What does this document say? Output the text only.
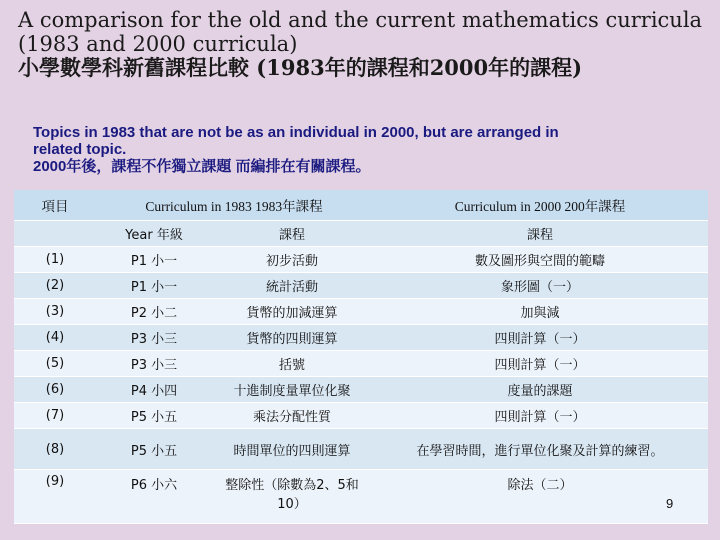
A comparison for the old and the current mathematics curricula
(1983 and 2000 curricula)
小學數學科新舊課程比較 (1983年的課程和2000年的課程)
Topics in 1983 that are not be as an individual in 2000, but are arranged in
related topic.
2000年後，課程不作獨立課題 而編排在有關課程。
項目	Curriculum in 1983 1983年課程		Curriculum in 2000 200年課程
	Year 年級	課程	課程
(1)	P1 小一	初步活動	數及圖形與空間的範疇
(2)	P1 小一	統計活動	象形圖（一）
(3)	P2 小二	貨幣的加減運算	加與減
(4)	P3 小三	貨幣的四則運算	四則計算（一）
(5)	P3 小三	括號	四則計算（一）
(6)	P4 小四	十進制度量單位化聚	度量的課題
(7)	P5 小五	乘法分配性質	四則計算（一）
(8)	P5 小五	時間單位的四則運算	在學習時間，進行單位化聚及計算的練習。
(9)	P6 小六	整除性（除數為2、5和10）	除法（二）
9
